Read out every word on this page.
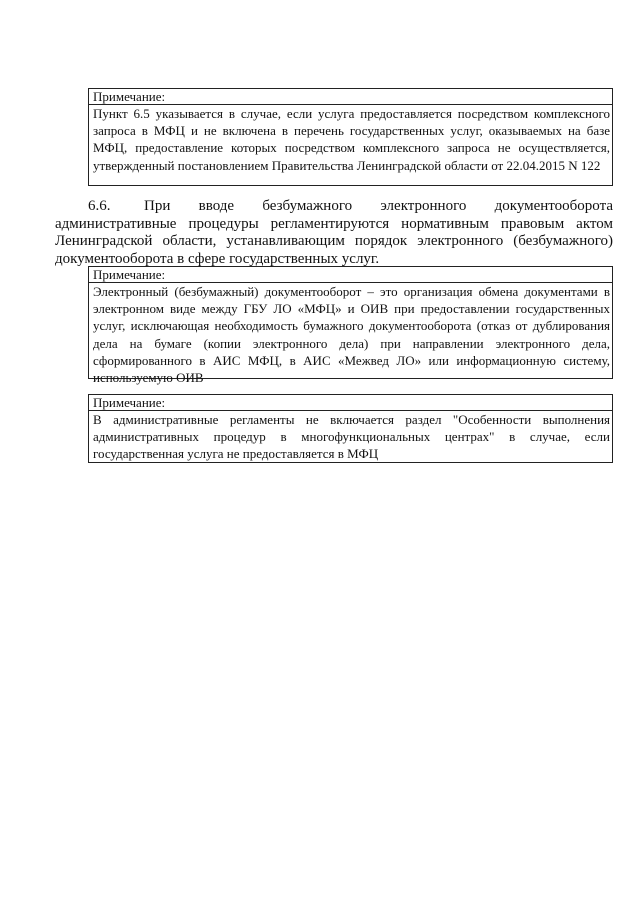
Примечание:
Пункт 6.5 указывается в случае, если услуга предоставляется посредством комплексного запроса в МФЦ и не включена в перечень государственных услуг, оказываемых на базе МФЦ, предоставление которых посредством комплексного запроса не осуществляется, утвержденный постановлением Правительства Ленинградской области от 22.04.2015 N 122
6.6. При вводе безбумажного электронного документооборота административные процедуры регламентируются нормативным правовым актом Ленинградской области, устанавливающим порядок электронного (безбумажного) документооборота в сфере государственных услуг.
Примечание:
Электронный (безбумажный) документооборот – это организация обмена документами в электронном виде между ГБУ ЛО «МФЦ» и ОИВ при предоставлении государственных услуг, исключающая необходимость бумажного документооборота (отказ от дублирования дела на бумаге (копии электронного дела) при направлении электронного дела, сформированного в АИС МФЦ, в АИС «Межвед ЛО» или информационную систему, используемую ОИВ
Примечание:
В административные регламенты не включается раздел "Особенности выполнения административных процедур в многофункциональных центрах" в случае, если государственная услуга не предоставляется в МФЦ
